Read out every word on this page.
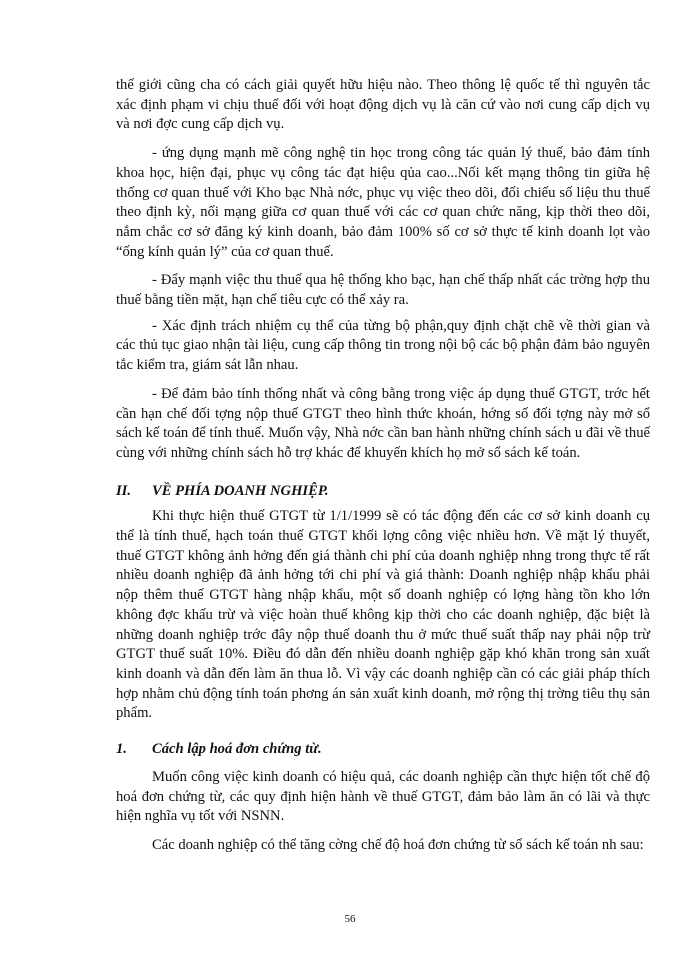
thế giới cũng cha có cách giải quyết hữu hiệu nào. Theo thông lệ quốc tế thì nguyên tắc xác định phạm vi chịu thuế đối với hoạt động dịch vụ là căn cứ vào nơi cung cấp dịch vụ và nơi đợc cung cấp dịch vụ.

- ứng dụng mạnh mẽ công nghệ tin học trong công tác quản lý thuế, bảo đảm tính khoa học, hiện đại, phục vụ công tác đạt hiệu qủa cao...Nối kết mạng thông tin giữa hệ thống cơ quan thuế với Kho bạc Nhà nớc, phục vụ việc theo dõi, đối chiếu số liệu thu thuế theo định kỳ, nối mạng giữa cơ quan thuế với các cơ quan chức năng, kịp thời theo dõi, nắm chắc cơ sở đăng ký kinh doanh, bảo đảm 100% số cơ sở thực tế kinh doanh lọt vào “ống kính quản lý” của cơ quan thuế.

- Đẩy mạnh việc thu thuế qua hệ thống kho bạc, hạn chế thấp nhất các trờng hợp thu thuế bằng tiền mặt, hạn chế tiêu cực có thể xảy ra.

- Xác định trách nhiệm cụ thể của từng bộ phận,quy định chặt chẽ về thời gian và các thủ tục giao nhận tài liệu, cung cấp thông tin trong nội bộ các bộ phận đảm bảo nguyên tắc kiểm tra, giám sát lẫn nhau.

- Để đảm bảo tính thống nhất và công bằng trong việc áp dụng thuế GTGT, trớc hết cần hạn chế đối tợng nộp thuế GTGT theo hình thức khoán, hớng số đối tợng này mở sổ sách kế toán để tính thuế. Muốn vậy, Nhà nớc cần ban hành những chính sách u đãi về thuế cùng với những chính sách hỗ trợ khác để khuyến khích họ mở sổ sách kế toán.

II.	VỀ PHÍA DOANH NGHIỆP.

Khi thực hiện thuế GTGT từ 1/1/1999 sẽ có tác động đến các cơ sở kinh doanh cụ thể là tính thuế, hạch toán thuế GTGT khối lợng công việc nhiều hơn. Về mặt lý thuyết, thuế GTGT không ảnh hởng đến giá thành chi phí của doanh nghiệp nhng trong thực tế rất nhiều doanh nghiệp đã ảnh hởng tới chi phí và giá thành: Doanh nghiệp nhập khẩu phải nộp thêm thuế GTGT hàng nhập khẩu, một số doanh nghiệp có lợng hàng tồn kho lớn không đợc khấu trừ và việc hoàn thuế không kịp thời cho các doanh nghiệp, đặc biệt là những doanh nghiệp trớc đây nộp thuế doanh thu ở mức thuế suất thấp nay phải nộp trừ GTGT thuế suất 10%. Điều đó dẫn đến nhiều doanh nghiệp gặp khó khăn trong sản xuất kinh doanh và dẫn đến làm ăn thua lỗ. Vì vậy các doanh nghiệp cần có các giải pháp thích hợp nhằm chủ động tính toán phơng án sản xuất kinh doanh, mở rộng thị trờng tiêu thụ sản phẩm.

1.	Cách lập hoá đơn chứng từ.

Muốn công việc kinh doanh có hiệu quả, các doanh nghiệp cần thực hiện tốt chế độ hoá đơn chứng từ, các quy định hiện hành về thuế GTGT, đảm bảo làm ăn có lãi và thực hiện nghĩa vụ tốt với NSNN.

Các doanh nghiệp có thể tăng cờng chế độ hoá đơn chứng từ sổ sách kế toán nh sau:

56
